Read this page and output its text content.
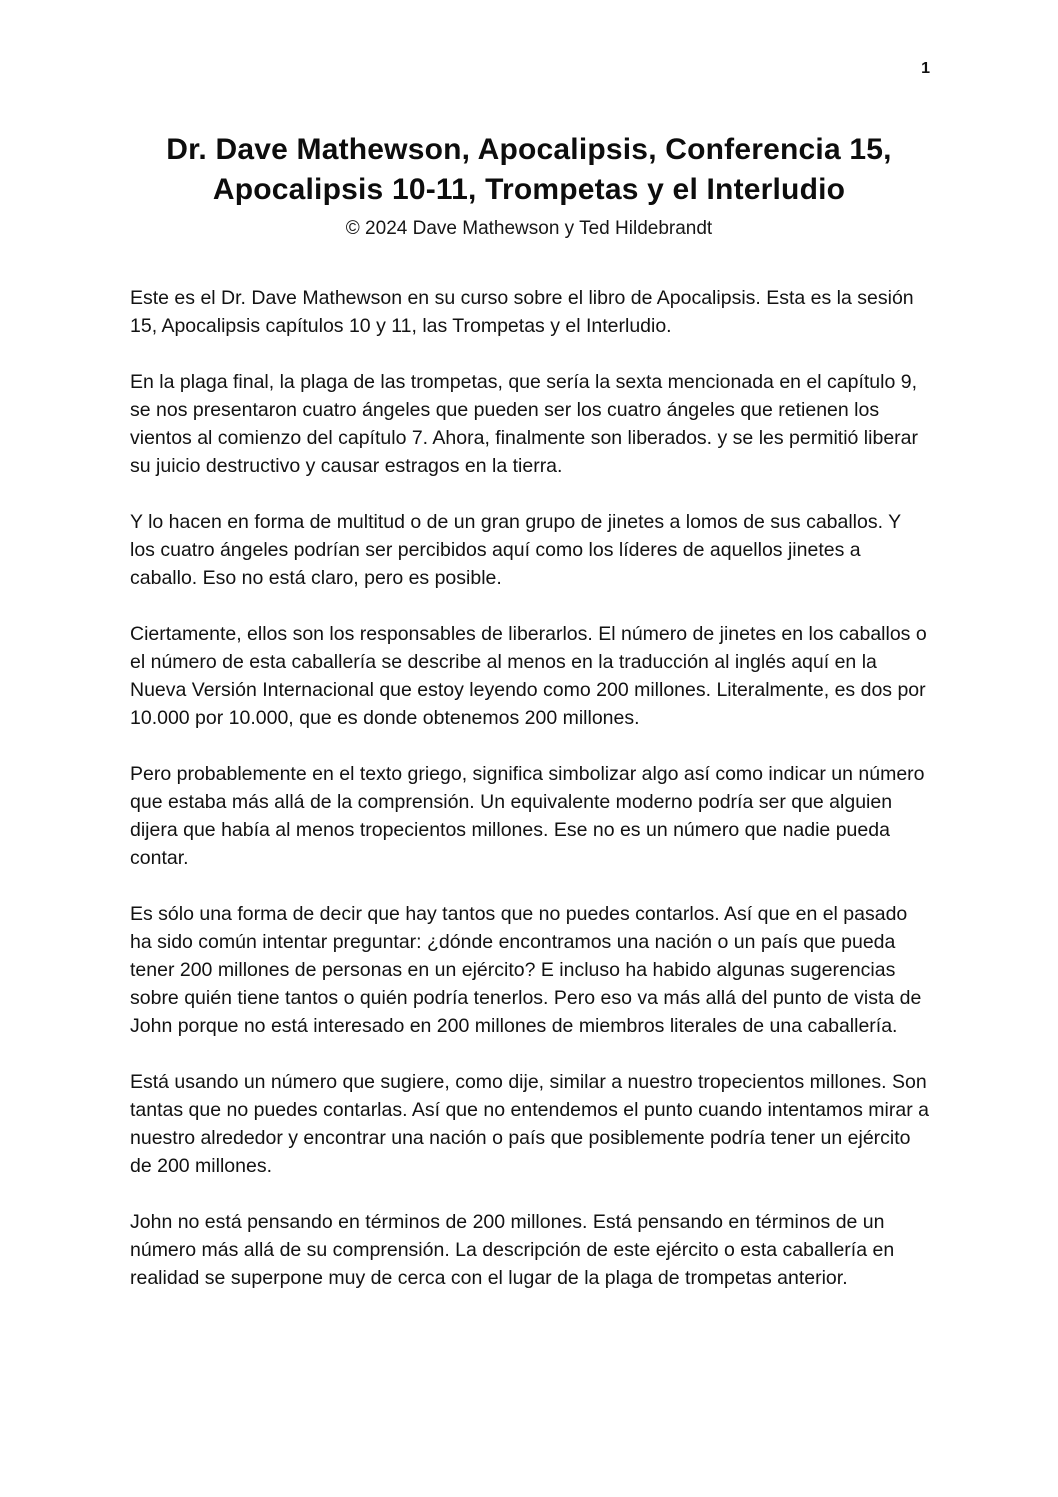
1
Dr. Dave Mathewson, Apocalipsis, Conferencia 15,
Apocalipsis 10-11, Trompetas y el Interludio
© 2024 Dave Mathewson y Ted Hildebrandt

Este es el Dr. Dave Mathewson en su curso sobre el libro de Apocalipsis. Esta es la sesión 15, Apocalipsis capítulos 10 y 11, las Trompetas y el Interludio.

En la plaga final, la plaga de las trompetas, que sería la sexta mencionada en el capítulo 9, se nos presentaron cuatro ángeles que pueden ser los cuatro ángeles que retienen los vientos al comienzo del capítulo 7. Ahora, finalmente son liberados. y se les permitió liberar su juicio destructivo y causar estragos en la tierra.

Y lo hacen en forma de multitud o de un gran grupo de jinetes a lomos de sus caballos. Y los cuatro ángeles podrían ser percibidos aquí como los líderes de aquellos jinetes a caballo. Eso no está claro, pero es posible.

Ciertamente, ellos son los responsables de liberarlos. El número de jinetes en los caballos o el número de esta caballería se describe al menos en la traducción al inglés aquí en la Nueva Versión Internacional que estoy leyendo como 200 millones. Literalmente, es dos por 10.000 por 10.000, que es donde obtenemos 200 millones.

Pero probablemente en el texto griego, significa simbolizar algo así como indicar un número que estaba más allá de la comprensión. Un equivalente moderno podría ser que alguien dijera que había al menos tropecientos millones. Ese no es un número que nadie pueda contar.

Es sólo una forma de decir que hay tantos que no puedes contarlos. Así que en el pasado ha sido común intentar preguntar: ¿dónde encontramos una nación o un país que pueda tener 200 millones de personas en un ejército? E incluso ha habido algunas sugerencias sobre quién tiene tantos o quién podría tenerlos. Pero eso va más allá del punto de vista de John porque no está interesado en 200 millones de miembros literales de una caballería.

Está usando un número que sugiere, como dije, similar a nuestro tropecientos millones. Son tantas que no puedes contarlas. Así que no entendemos el punto cuando intentamos mirar a nuestro alrededor y encontrar una nación o país que posiblemente podría tener un ejército de 200 millones.

John no está pensando en términos de 200 millones. Está pensando en términos de un número más allá de su comprensión. La descripción de este ejército o esta caballería en realidad se superpone muy de cerca con el lugar de la plaga de trompetas anterior.
